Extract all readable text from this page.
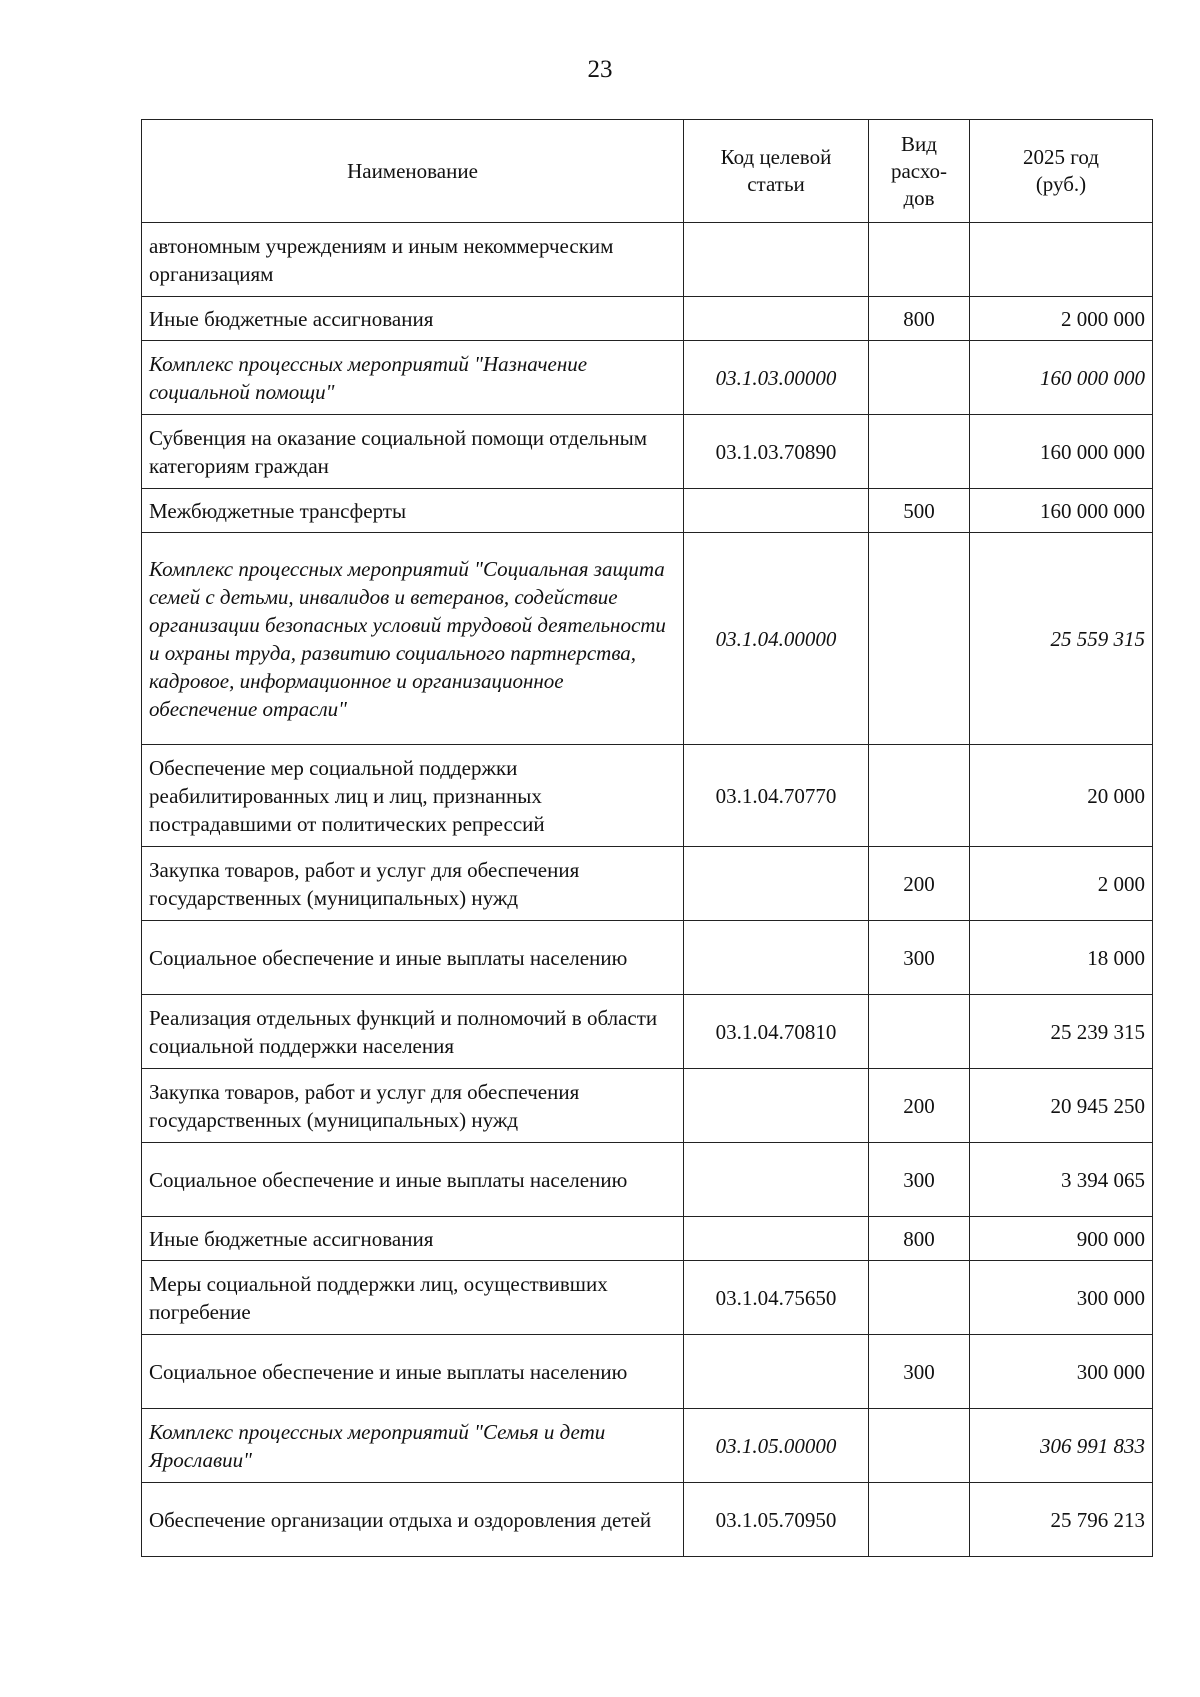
23
Наименование	Код целевой статьи	Вид расхо-дов	2025 год (руб.)
автономным учреждениям и иным некоммерческим организациям			
Иные бюджетные ассигнования		800	2 000 000
Комплекс процессных мероприятий "Назначение социальной помощи"	03.1.03.00000		160 000 000
Субвенция на оказание социальной помощи отдельным категориям граждан	03.1.03.70890		160 000 000
Межбюджетные трансферты		500	160 000 000
Комплекс процессных мероприятий "Социальная защита семей с детьми, инвалидов и ветеранов, содействие организации безопасных условий трудовой деятельности и охраны труда, развитию социального партнерства, кадровое, информационное и организационное обеспечение отрасли"	03.1.04.00000		25 559 315
Обеспечение мер социальной поддержки реабилитированных лиц и лиц, признанных пострадавшими от политических репрессий	03.1.04.70770		20 000
Закупка товаров, работ и услуг для обеспечения государственных (муниципальных) нужд		200	2 000
Социальное обеспечение и иные выплаты населению		300	18 000
Реализация отдельных функций и полномочий в области социальной поддержки населения	03.1.04.70810		25 239 315
Закупка товаров, работ и услуг для обеспечения государственных (муниципальных) нужд		200	20 945 250
Социальное обеспечение и иные выплаты населению		300	3 394 065
Иные бюджетные ассигнования		800	900 000
Меры социальной поддержки лиц, осуществивших погребение	03.1.04.75650		300 000
Социальное обеспечение и иные выплаты населению		300	300 000
Комплекс процессных мероприятий "Семья и дети Ярославии"	03.1.05.00000		306 991 833
Обеспечение организации отдыха и оздоровления детей	03.1.05.70950		25 796 213
